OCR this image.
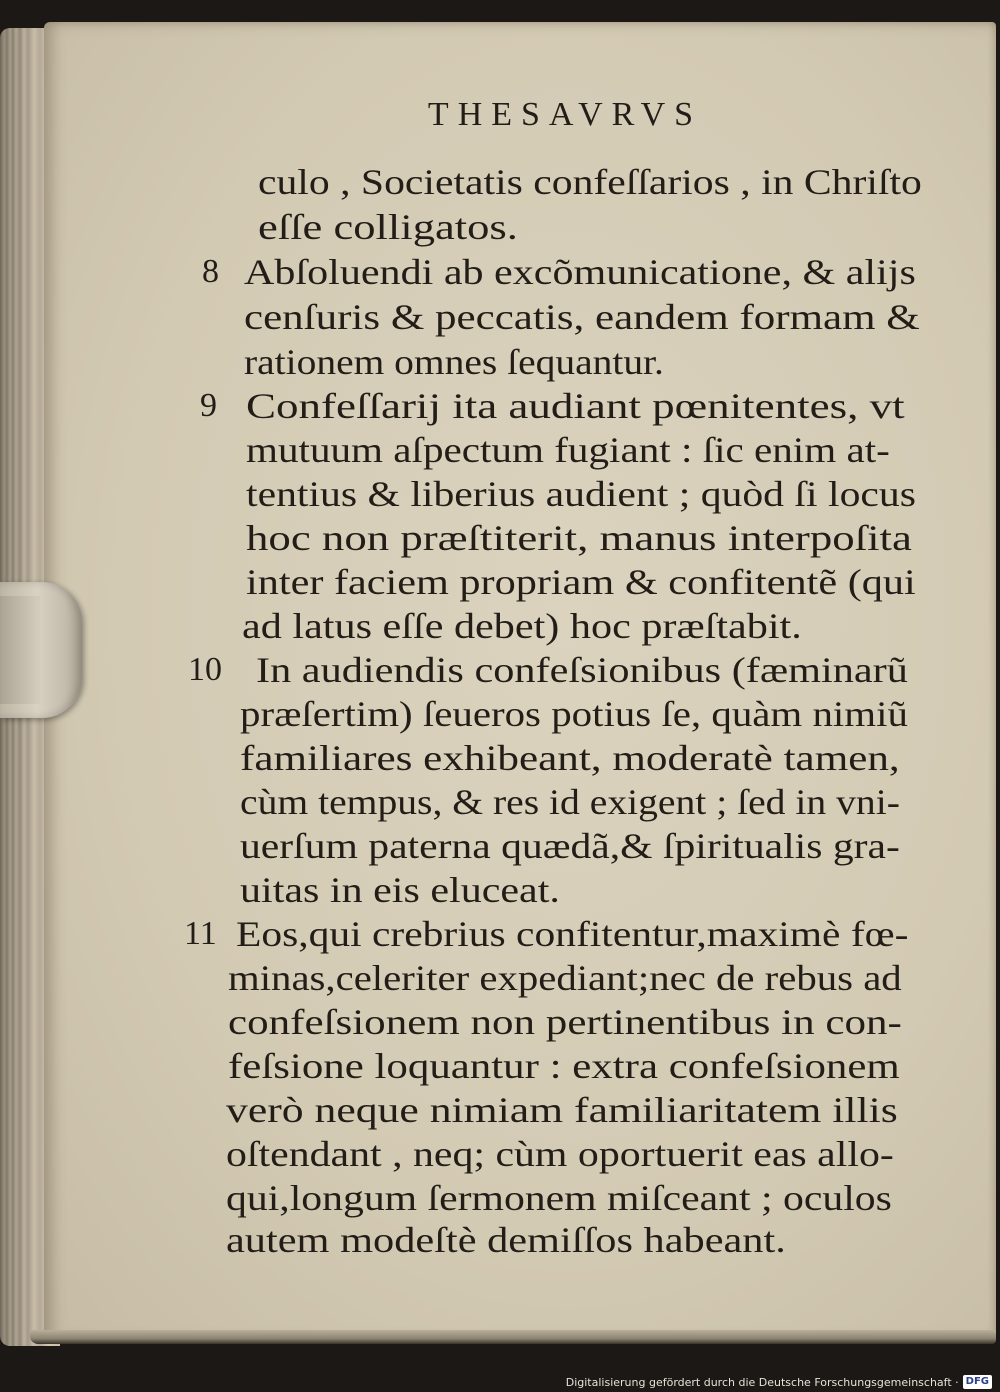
THESAVRVS
culo , Societatis confeſſarios , in Chriſto
eſſe colligatos.
8 Abſoluendi ab excõmunicatione, & alijs
cenſuris & peccatis, eandem formam &
rationem omnes ſequantur.
9 Confeſſarij ita audiant pœnitentes, vt
mutuum aſpectum fugiant : ſic enim at-
tentius & liberius audient ; quòd ſi locus
hoc non præſtiterit, manus interpoſita
inter faciem propriam & confitentẽ (qui
ad latus eſſe debet) hoc præſtabit.
10 In audiendis confeſsionibus (fæminarũ
præſertim) ſeueros potius ſe, quàm nimiũ
familiares exhibeant, moderatè tamen,
cùm tempus, & res id exigent ; ſed in vni-
uerſum paterna quædã,& ſpiritualis gra-
uitas in eis eluceat.
11 Eos,qui crebrius confitentur,maximè fœ-
minas,celeriter expediant;nec de rebus ad
confeſsionem non pertinentibus in con-
feſsione loquantur : extra confeſsionem
verò neque nimiam familiaritatem illis
oſtendant , neq; cùm oportuerit eas allo-
qui,longum ſermonem miſceant ; oculos
autem modeſtè demiſſos habeant.
Digitalisierung gefördert durch die Deutsche Forschungsgemeinschaft · DFG
